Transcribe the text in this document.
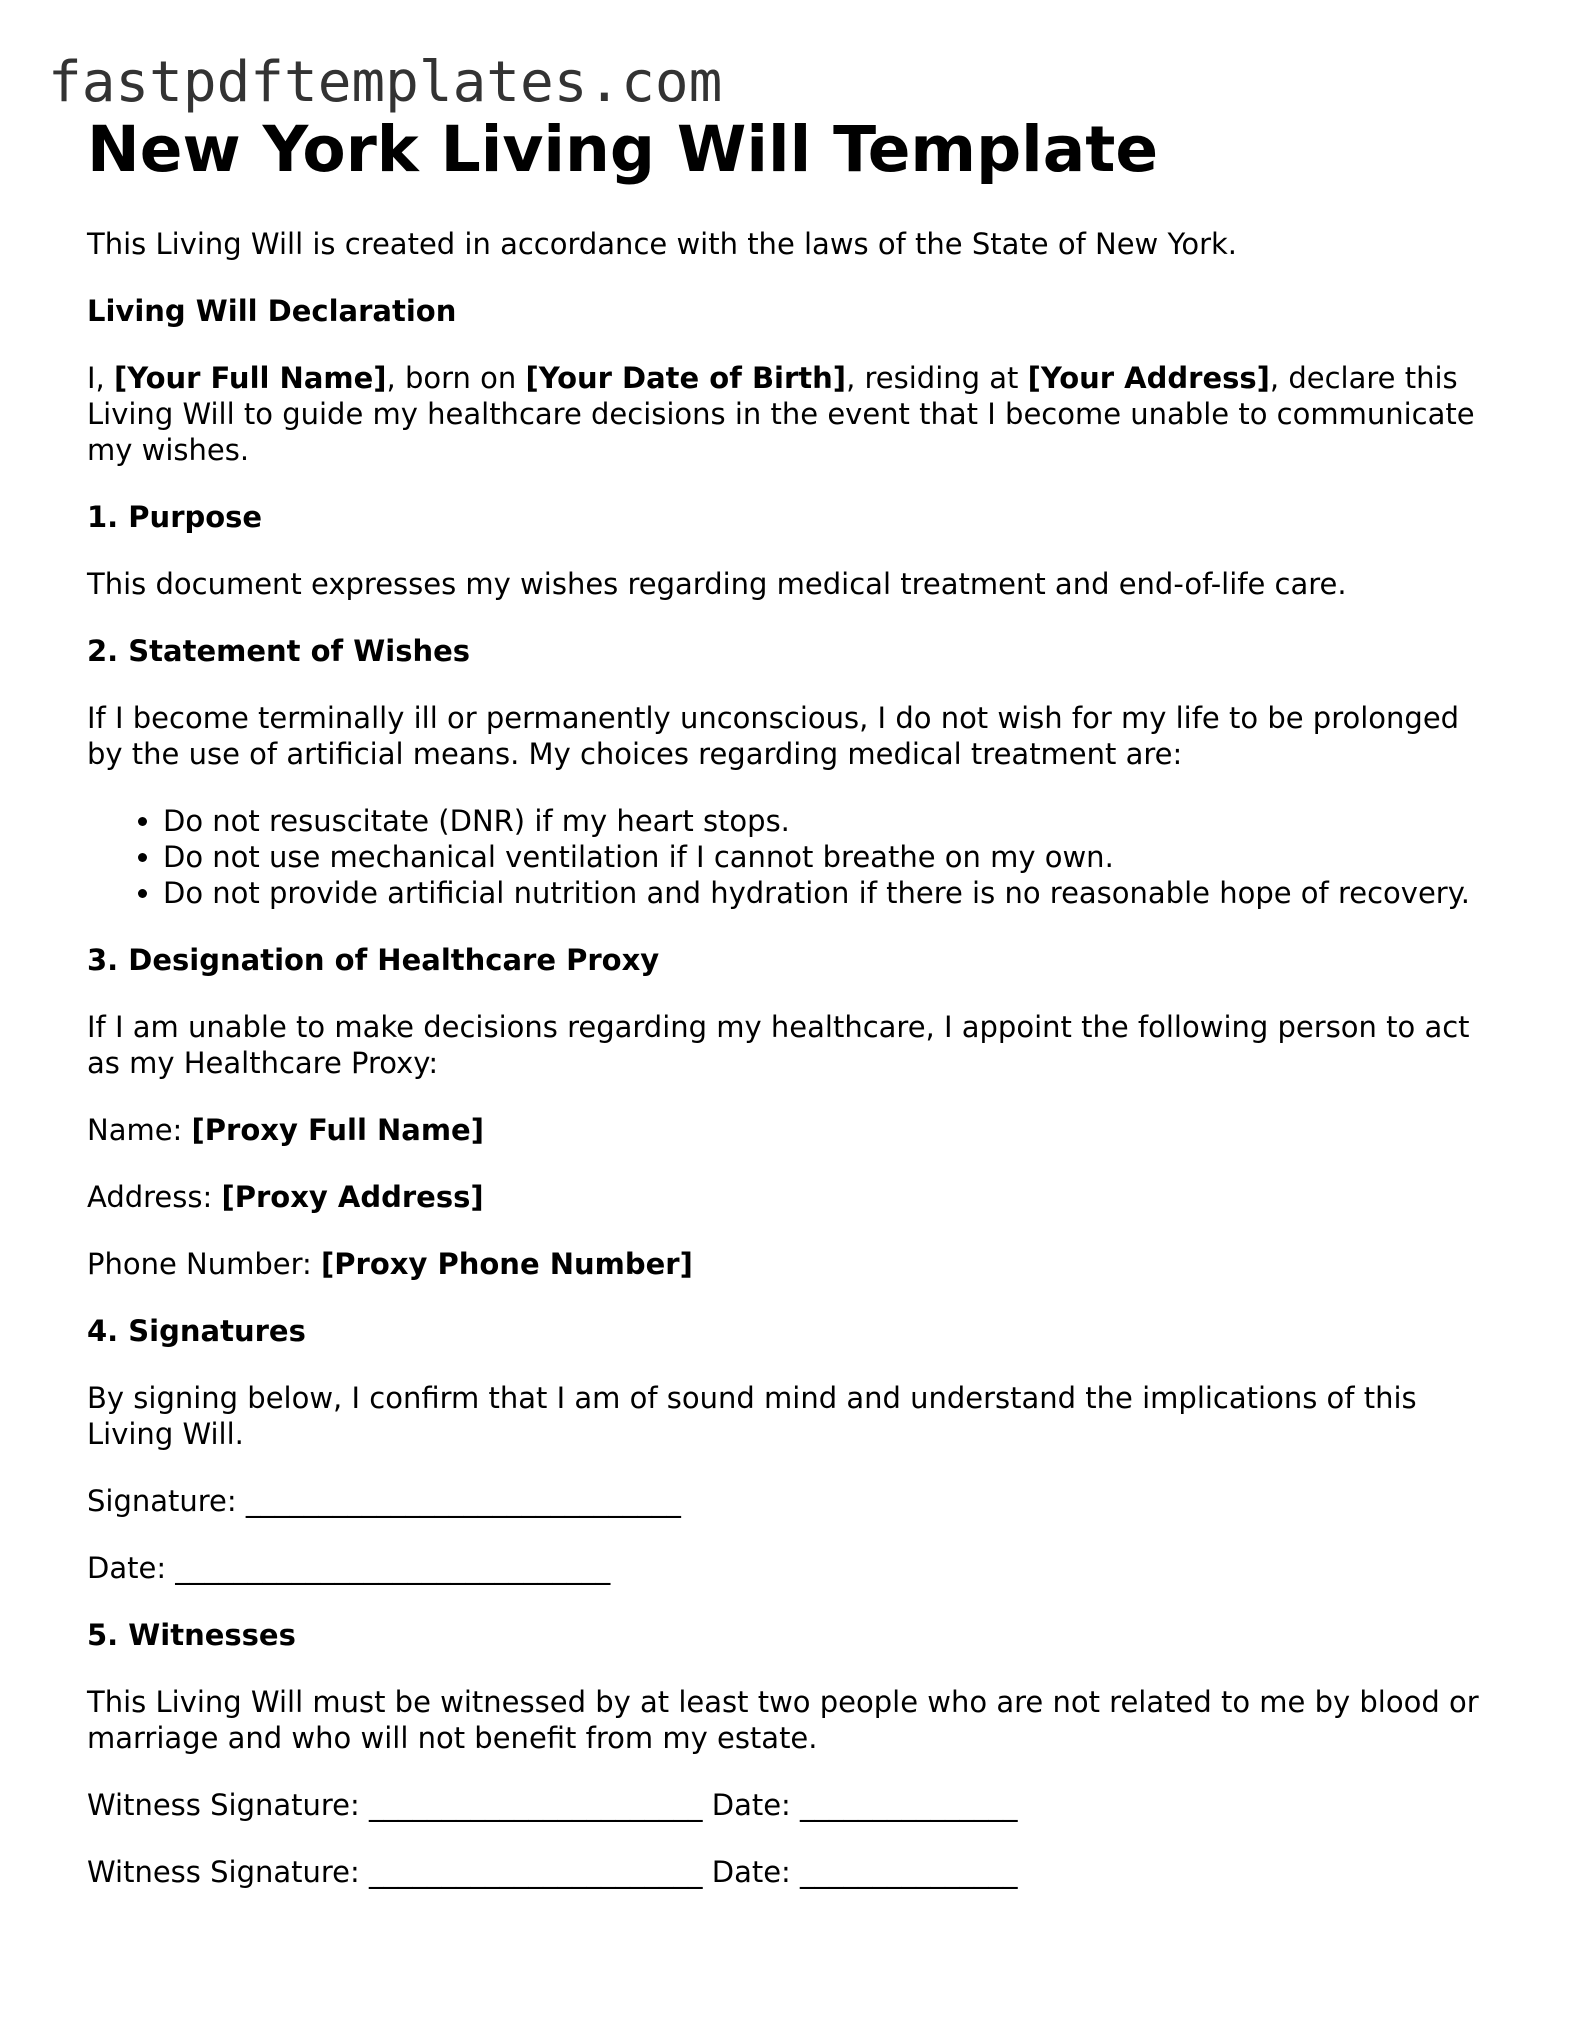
fastpdftemplates.com
New York Living Will Template

This Living Will is created in accordance with the laws of the State of New York.

Living Will Declaration

I, [Your Full Name], born on [Your Date of Birth], residing at [Your Address], declare this Living Will to guide my healthcare decisions in the event that I become unable to communicate my wishes.

1. Purpose

This document expresses my wishes regarding medical treatment and end-of-life care.

2. Statement of Wishes

If I become terminally ill or permanently unconscious, I do not wish for my life to be prolonged by the use of artificial means. My choices regarding medical treatment are:

• Do not resuscitate (DNR) if my heart stops.
• Do not use mechanical ventilation if I cannot breathe on my own.
• Do not provide artificial nutrition and hydration if there is no reasonable hope of recovery.
3. Designation of Healthcare Proxy

If I am unable to make decisions regarding my healthcare, I appoint the following person to act as my Healthcare Proxy:

Name: [Proxy Full Name]

Address: [Proxy Address]

Phone Number: [Proxy Phone Number]

4. Signatures

By signing below, I confirm that I am of sound mind and understand the implications of this Living Will.

Signature: ______________________________

Date: ______________________________

5. Witnesses

This Living Will must be witnessed by at least two people who are not related to me by blood or marriage and who will not benefit from my estate.

Witness Signature: _______________________ Date: _______________

Witness Signature: _______________________ Date: _______________
